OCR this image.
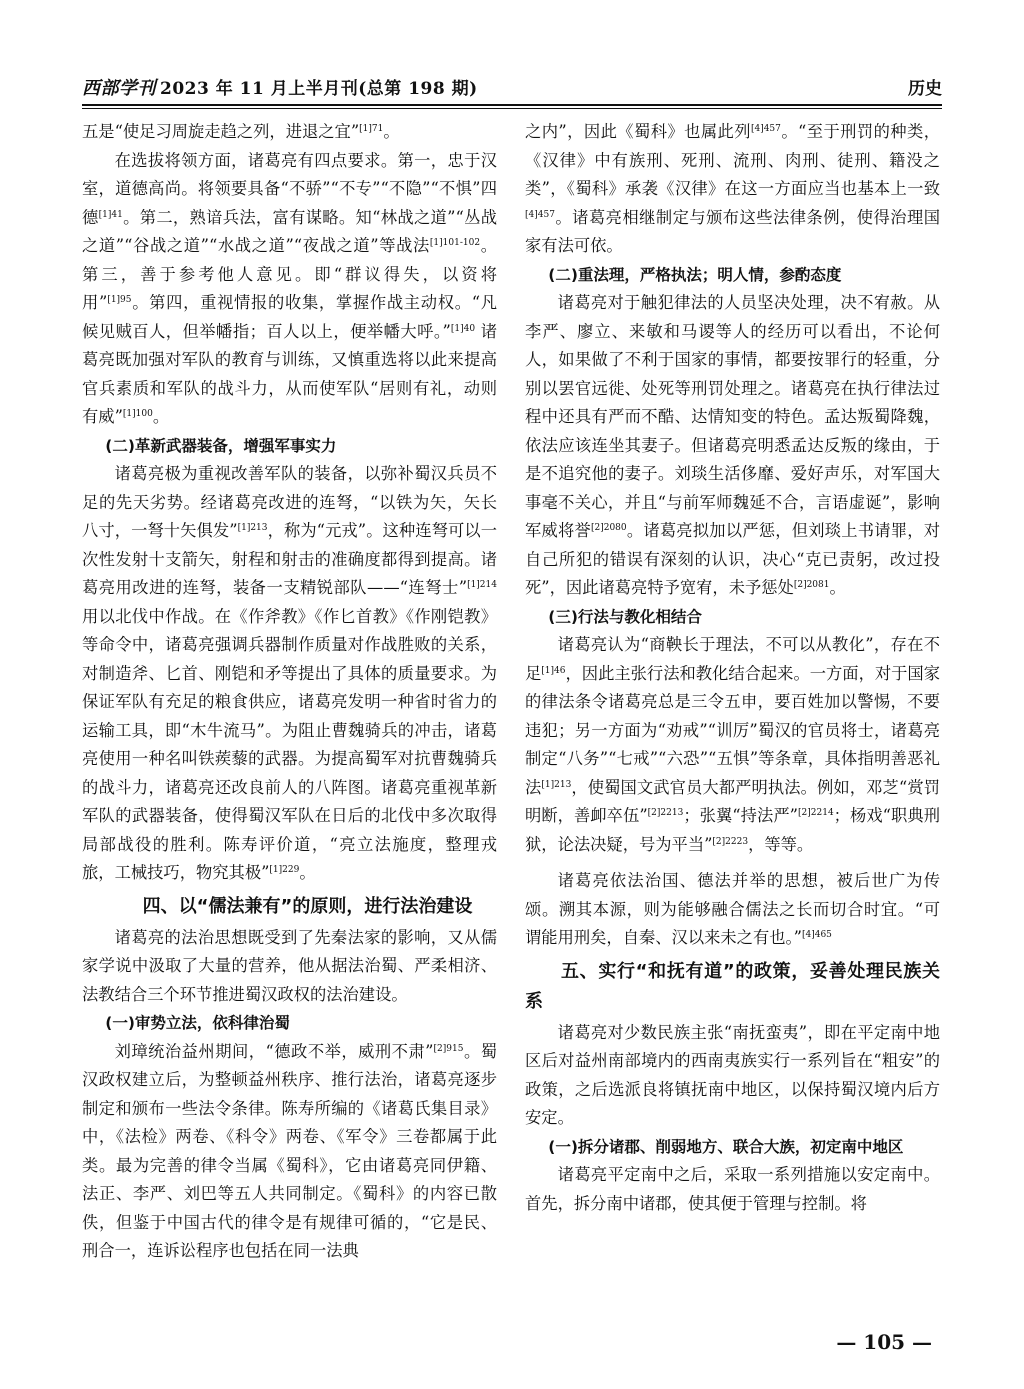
西部学刊 2023 年 11 月上半月刊(总第 198 期)	历史

五是“使足习周旋走趋之列，进退之宜”$^{[1]71}$。

在选拔将领方面，诸葛亮有四点要求。第一，忠于汉室，道德高尚。将领要具备“不骄”“不专”“不隐”“不惧”四德$^{[1]41}$。第二，熟谙兵法，富有谋略。知“林战之道”“丛战之道”“谷战之道”“水战之道”“夜战之道”等战法$^{[1]101-102}$。第三，善于参考他人意见。即“群议得失，以资将用”$^{[1]95}$。第四，重视情报的收集，掌握作战主动权。“凡候见贼百人，但举幡指；百人以上，便举幡大呼。”$^{[1]40}$ 诸葛亮既加强对军队的教育与训练，又慎重选将以此来提高官兵素质和军队的战斗力，从而使军队“居则有礼，动则有威”$^{[1]100}$。

(二)革新武器装备，增强军事实力

诸葛亮极为重视改善军队的装备，以弥补蜀汉兵员不足的先天劣势。经诸葛亮改进的连弩，“以铁为矢，矢长八寸，一弩十矢俱发”$^{[1]213}$，称为“元戎”。这种连弩可以一次性发射十支箭矢，射程和射击的准确度都得到提高。诸葛亮用改进的连弩，装备一支精锐部队——“连弩士”$^{[1]214}$ 用以北伐中作战。在《作斧教》《作匕首教》《作刚铠教》等命令中，诸葛亮强调兵器制作质量对作战胜败的关系，对制造斧、匕首、刚铠和矛等提出了具体的质量要求。为保证军队有充足的粮食供应，诸葛亮发明一种省时省力的运输工具，即“木牛流马”。为阻止曹魏骑兵的冲击，诸葛亮使用一种名叫铁蒺藜的武器。为提高蜀军对抗曹魏骑兵的战斗力，诸葛亮还改良前人的八阵图。诸葛亮重视革新军队的武器装备，使得蜀汉军队在日后的北伐中多次取得局部战役的胜利。陈寿评价道，“亮立法施度，整理戎旅，工械技巧，物究其极”$^{[1]229}$。

四、以“儒法兼有”的原则，进行法治建设

诸葛亮的法治思想既受到了先秦法家的影响，又从儒家学说中汲取了大量的营养，他从据法治蜀、严柔相济、法教结合三个环节推进蜀汉政权的法治建设。

(一)审势立法，依科律治蜀

刘璋统治益州期间，“德政不举，威刑不肃”$^{[2]915}$。蜀汉政权建立后，为整顿益州秩序、推行法治，诸葛亮逐步制定和颁布一些法令条律。陈寿所编的《诸葛氏集目录》中，《法检》两卷、《科令》两卷、《军令》三卷都属于此类。最为完善的律令当属《蜀科》，它由诸葛亮同伊籍、法正、李严、刘巴等五人共同制定。《蜀科》的内容已散佚，但鉴于中国古代的律令是有规律可循的，“它是民、刑合一，连诉讼程序也包括在同一法典

之内”，因此《蜀科》也属此列$^{[4]457}$。“至于刑罚的种类，《汉律》中有族刑、死刑、流刑、肉刑、徒刑、籍没之类”，《蜀科》承袭《汉律》在这一方面应当也基本上一致$^{[4]457}$。诸葛亮相继制定与颁布这些法律条例，使得治理国家有法可依。

(二)重法理，严格执法；明人情，参酌态度

诸葛亮对于触犯律法的人员坚决处理，决不宥赦。从李严、廖立、来敏和马谡等人的经历可以看出，不论何人，如果做了不利于国家的事情，都要按罪行的轻重，分别以罢官远徙、处死等刑罚处理之。诸葛亮在执行律法过程中还具有严而不酷、达情知变的特色。孟达叛蜀降魏，依法应该连坐其妻子。但诸葛亮明悉孟达反叛的缘由，于是不追究他的妻子。刘琰生活侈靡、爱好声乐，对军国大事毫不关心，并且“与前军师魏延不合，言语虚诞”，影响军威将誉$^{[2]2080}$。诸葛亮拟加以严惩，但刘琰上书请罪，对自己所犯的错误有深刻的认识，决心“克已责躬，改过投死”，因此诸葛亮特予宽宥，未予惩处$^{[2]2081}$。

(三)行法与教化相结合

诸葛亮认为“商鞅长于理法，不可以从教化”，存在不足$^{[1]46}$，因此主张行法和教化结合起来。一方面，对于国家的律法条令诸葛亮总是三令五申，要百姓加以警惕，不要违犯；另一方面为“劝戒”“训厉”蜀汉的官员将士，诸葛亮制定“八务”“七戒”“六恐”“五惧”等条章，具体指明善恶礼法$^{[1]213}$，使蜀国文武官员大都严明执法。例如，邓芝“赏罚明断，善卹卒伍”$^{[2]2213}$；张翼“持法严”$^{[2]2214}$；杨戏“职典刑狱，论法决疑，号为平当”$^{[2]2223}$，等等。

诸葛亮依法治国、德法并举的思想，被后世广为传颂。溯其本源，则为能够融合儒法之长而切合时宜。“可谓能用刑矣，自秦、汉以来未之有也。”$^{[4]465}$

五、实行“和抚有道”的政策，妥善处理民族关系

诸葛亮对少数民族主张“南抚蛮夷”，即在平定南中地区后对益州南部境内的西南夷族实行一系列旨在“粗安”的政策，之后选派良将镇抚南中地区，以保持蜀汉境内后方安定。

(一)拆分诸郡、削弱地方、联合大族，初定南中地区

诸葛亮平定南中之后，采取一系列措施以安定南中。首先，拆分南中诸郡，使其便于管理与控制。将

— 105 —
